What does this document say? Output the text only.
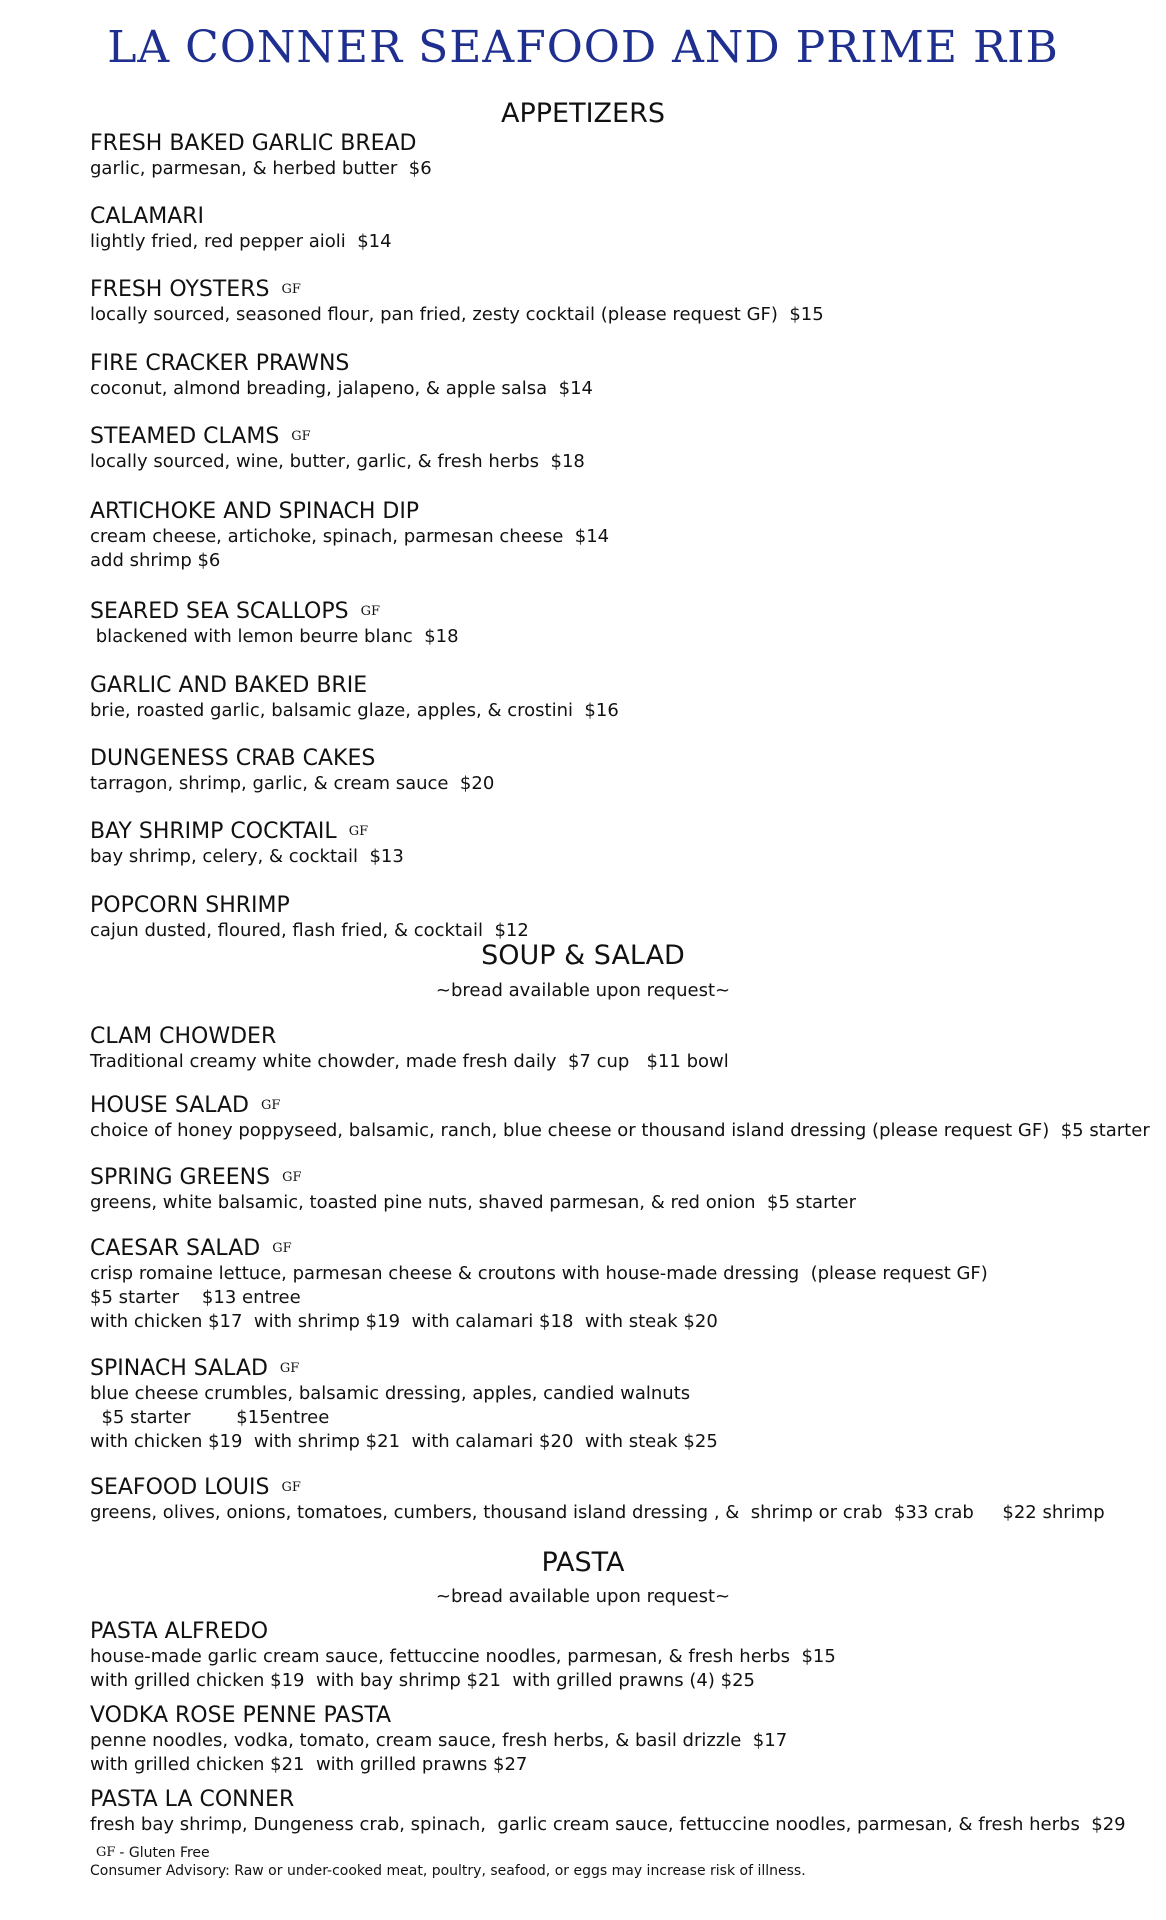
LA CONNER SEAFOOD AND PRIME RIB
APPETIZERS
FRESH BAKED GARLIC BREAD
garlic, parmesan, & herbed butter  $6
CALAMARI
lightly fried, red pepper aioli  $14
FRESH OYSTERS GF
locally sourced, seasoned flour, pan fried, zesty cocktail (please request GF)  $15
FIRE CRACKER PRAWNS
coconut, almond breading, jalapeno, & apple salsa  $14
STEAMED CLAMS GF
locally sourced, wine, butter, garlic, & fresh herbs  $18
ARTICHOKE AND SPINACH DIP
cream cheese, artichoke, spinach, parmesan cheese  $14
add shrimp $6
SEARED SEA SCALLOPS GF
blackened with lemon beurre blanc  $18
GARLIC AND BAKED BRIE
brie, roasted garlic, balsamic glaze, apples, & crostini  $16
DUNGENESS CRAB CAKES
tarragon, shrimp, garlic, & cream sauce  $20
BAY SHRIMP COCKTAIL GF
bay shrimp, celery, & cocktail  $13
POPCORN SHRIMP
cajun dusted, floured, flash fried, & cocktail  $12
SOUP & SALAD
~bread available upon request~
CLAM CHOWDER
Traditional creamy white chowder, made fresh daily  $7 cup   $11 bowl
HOUSE SALAD GF
choice of honey poppyseed, balsamic, ranch, blue cheese or thousand island dressing (please request GF)  $5 starter
SPRING GREENS GF
greens, white balsamic, toasted pine nuts, shaved parmesan, & red onion  $5 starter
CAESAR SALAD GF
crisp romaine lettuce, parmesan cheese & croutons with house-made dressing  (please request GF)
$5 starter    $13 entree
with chicken $17  with shrimp $19  with calamari $18  with steak $20
SPINACH SALAD GF
blue cheese crumbles, balsamic dressing, apples, candied walnuts
$5 starter        $15entree
with chicken $19  with shrimp $21  with calamari $20  with steak $25
SEAFOOD LOUIS GF
greens, olives, onions, tomatoes, cumbers, thousand island dressing , &  shrimp or crab  $33 crab     $22 shrimp
PASTA
~bread available upon request~
PASTA ALFREDO
house-made garlic cream sauce, fettuccine noodles, parmesan, & fresh herbs  $15
with grilled chicken $19  with bay shrimp $21  with grilled prawns (4) $25
VODKA ROSE PENNE PASTA
penne noodles, vodka, tomato, cream sauce, fresh herbs, & basil drizzle  $17
with grilled chicken $21  with grilled prawns $27
PASTA LA CONNER
fresh bay shrimp, Dungeness crab, spinach,  garlic cream sauce, fettuccine noodles, parmesan, & fresh herbs  $29
GF - Gluten Free
Consumer Advisory: Raw or under-cooked meat, poultry, seafood, or eggs may increase risk of illness.
